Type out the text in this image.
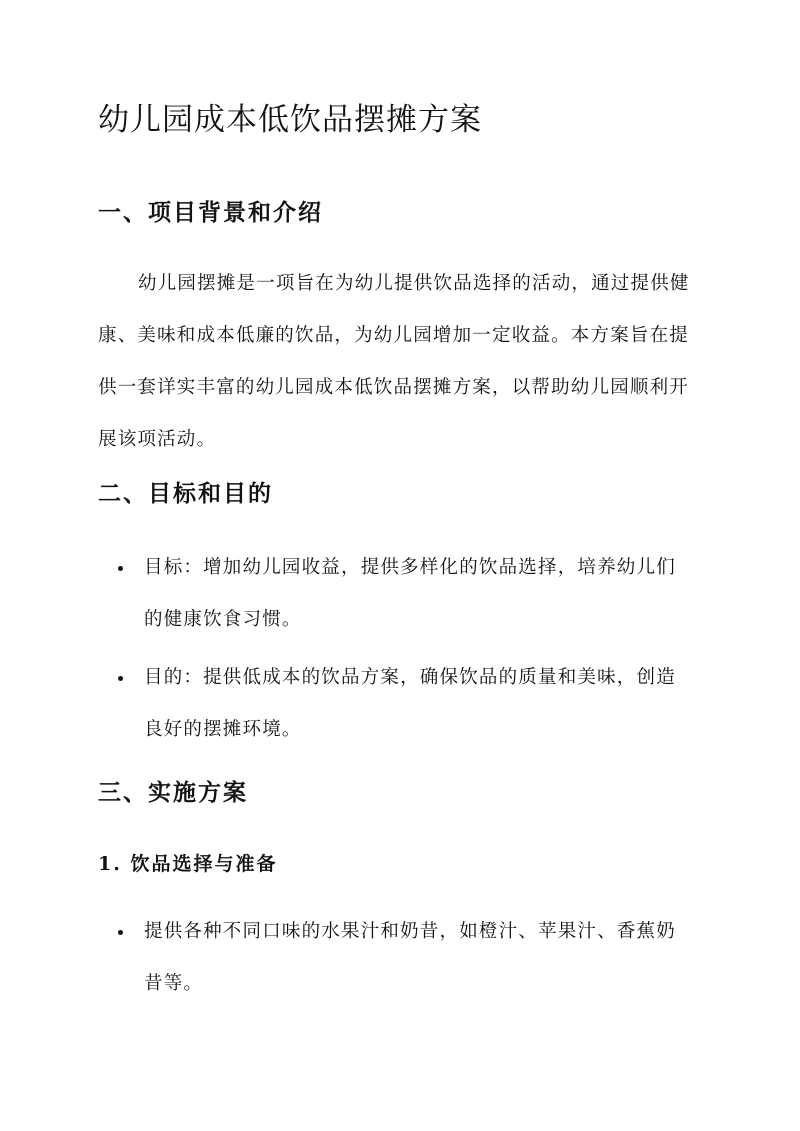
幼儿园成本低饮品摆摊方案
一、项目背景和介绍

幼儿园摆摊是一项旨在为幼儿提供饮品选择的活动，通过提供健康、美味和成本低廉的饮品，为幼儿园增加一定收益。本方案旨在提供一套详实丰富的幼儿园成本低饮品摆摊方案，以帮助幼儿园顺利开展该项活动。

二、目标和目的

目标：增加幼儿园收益，提供多样化的饮品选择，培养幼儿们的健康饮食习惯。

目的：提供低成本的饮品方案，确保饮品的质量和美味，创造良好的摆摊环境。

三、实施方案
1. 饮品选择与准备

提供各种不同口味的水果汁和奶昔，如橙汁、苹果汁、香蕉奶昔等。
